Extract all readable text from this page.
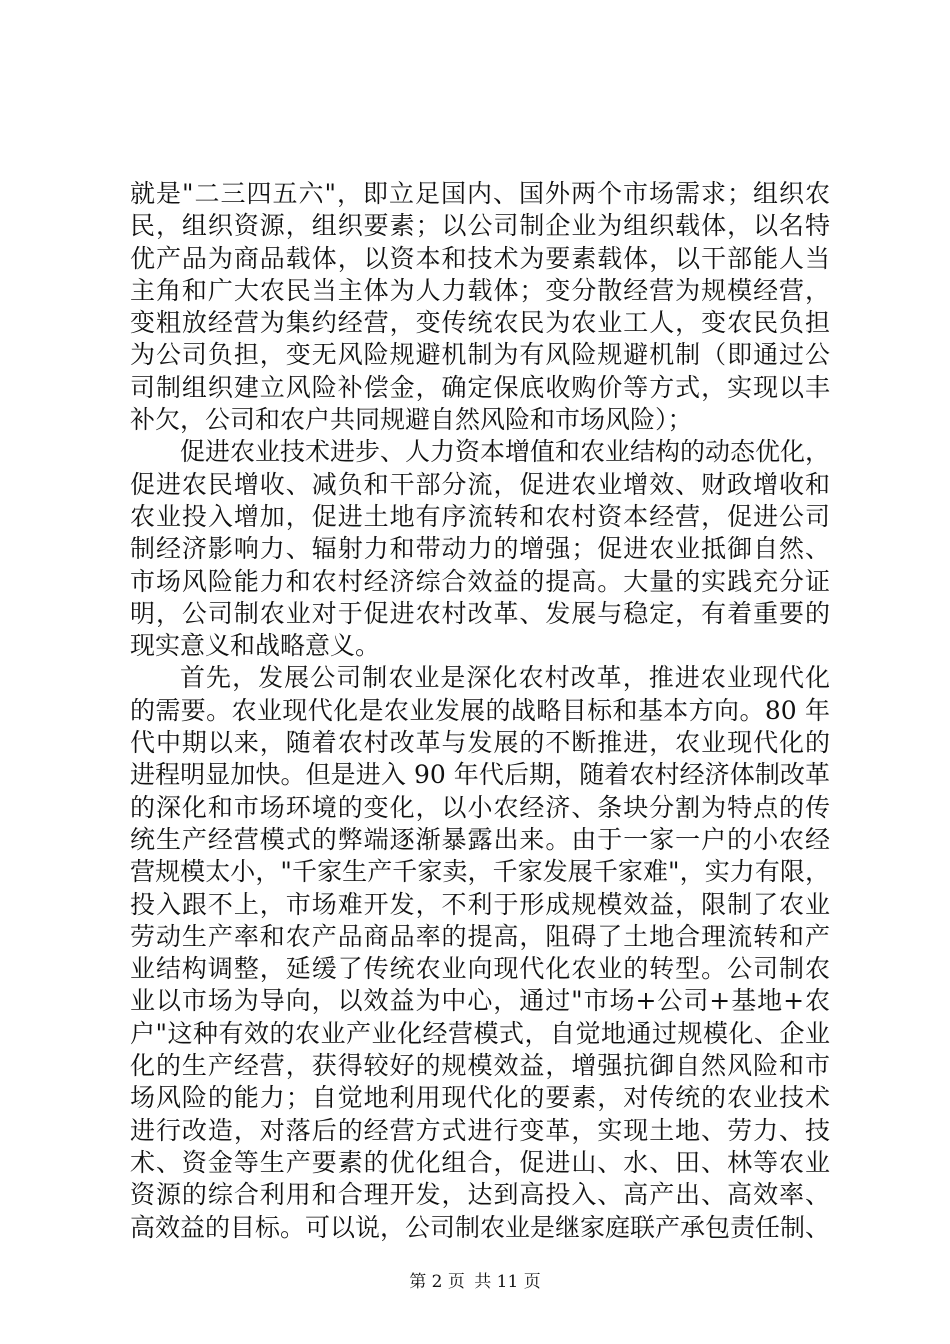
就是"二三四五六"，即立足国内、国外两个市场需求；组织农
民，组织资源，组织要素；以公司制企业为组织载体，以名特
优产品为商品载体，以资本和技术为要素载体，以干部能人当
主角和广大农民当主体为人力载体；变分散经营为规模经营，
变粗放经营为集约经营，变传统农民为农业工人，变农民负担
为公司负担，变无风险规避机制为有风险规避机制（即通过公
司制组织建立风险补偿金，确定保底收购价等方式，实现以丰
补欠，公司和农户共同规避自然风险和市场风险）；
促进农业技术进步、人力资本增值和农业结构的动态优化，
促进农民增收、减负和干部分流，促进农业增效、财政增收和
农业投入增加，促进土地有序流转和农村资本经营，促进公司
制经济影响力、辐射力和带动力的增强；促进农业抵御自然、
市场风险能力和农村经济综合效益的提高。大量的实践充分证
明，公司制农业对于促进农村改革、发展与稳定，有着重要的
现实意义和战略意义。
首先，发展公司制农业是深化农村改革，推进农业现代化
的需要。农业现代化是农业发展的战略目标和基本方向。80 年
代中期以来，随着农村改革与发展的不断推进，农业现代化的
进程明显加快。但是进入 90 年代后期，随着农村经济体制改革
的深化和市场环境的变化，以小农经济、条块分割为特点的传
统生产经营模式的弊端逐渐暴露出来。由于一家一户的小农经
营规模太小，"千家生产千家卖，千家发展千家难"，实力有限，
投入跟不上，市场难开发，不利于形成规模效益，限制了农业
劳动生产率和农产品商品率的提高，阻碍了土地合理流转和产
业结构调整，延缓了传统农业向现代化农业的转型。公司制农
业以市场为导向，以效益为中心，通过"市场+公司+基地+农
户"这种有效的农业产业化经营模式，自觉地通过规模化、企业
化的生产经营，获得较好的规模效益，增强抗御自然风险和市
场风险的能力；自觉地利用现代化的要素，对传统的农业技术
进行改造，对落后的经营方式进行变革，实现土地、劳力、技
术、资金等生产要素的优化组合，促进山、水、田、林等农业
资源的综合利用和合理开发，达到高投入、高产出、高效率、
高效益的目标。可以说，公司制农业是继家庭联产承包责任制、
第 2 页 共 11 页
